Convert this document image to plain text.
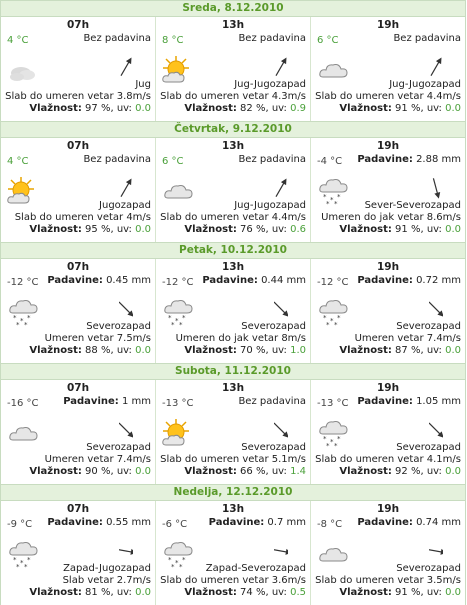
Sreda, 8.12.2010
07h
4 °C	Bez padavina
Jug
Slab do umeren vetar 3.8m/s
Vlažnost: 97 %, uv: 0.0
13h
8 °C	Bez padavina
Jug-Jugozapad
Slab do umeren vetar 4.3m/s
Vlažnost: 82 %, uv: 0.9
19h
6 °C	Bez padavina
Jug-Jugozapad
Slab do umeren vetar 4.4m/s
Vlažnost: 91 %, uv: 0.0
Četvrtak, 9.12.2010
07h
4 °C	Bez padavina
Jugozapad
Slab do umeren vetar 4m/s
Vlažnost: 95 %, uv: 0.0
13h
6 °C	Bez padavina
Jug-Jugozapad
Slab do umeren vetar 4.4m/s
Vlažnost: 76 %, uv: 0.6
19h
-4 °C Padavine: 2.88 mm
* * *
* *	Sever-Severozapad
Umeren do jak vetar 8.6m/s
Vlažnost: 91 %, uv: 0.0
Petak, 10.12.2010
07h
-12 °C Padavine: 0.45 mm
* * *
* *	Severozapad
Umeren vetar 7.5m/s
Vlažnost: 88 %, uv: 0.0
13h
-12 °C Padavine: 0.44 mm
* * *
* *	Severozapad
Umeren do jak vetar 8m/s
Vlažnost: 70 %, uv: 1.0
19h
-12 °C Padavine: 0.72 mm
* * *
* *	Severozapad
Umeren vetar 7.4m/s
Vlažnost: 87 %, uv: 0.0
Subota, 11.12.2010
07h
-16 °C Padavine: 1 mm
Severozapad
Umeren vetar 7.4m/s
Vlažnost: 90 %, uv: 0.0
13h
-13 °C	Bez padavina
Severozapad
Slab do umeren vetar 5.1m/s
Vlažnost: 66 %, uv: 1.4
19h
-13 °C Padavine: 1.05 mm
* * *
* *	Severozapad
Slab do umeren vetar 4.1m/s
Vlažnost: 92 %, uv: 0.0
Nedelja, 12.12.2010
07h
-9 °C Padavine: 0.55 mm
* * *
* *	Zapad-Jugozapad
Slab vetar 2.7m/s
Vlažnost: 81 %, uv: 0.0
13h
-6 °C Padavine: 0.7 mm
* * *
* * Zapad-Severozapad
Slab do umeren vetar 3.6m/s
Vlažnost: 74 %, uv: 0.5
19h
-8 °C Padavine: 0.74 mm
Severozapad
Slab do umeren vetar 3.5m/s
Vlažnost: 91 %, uv: 0.0
